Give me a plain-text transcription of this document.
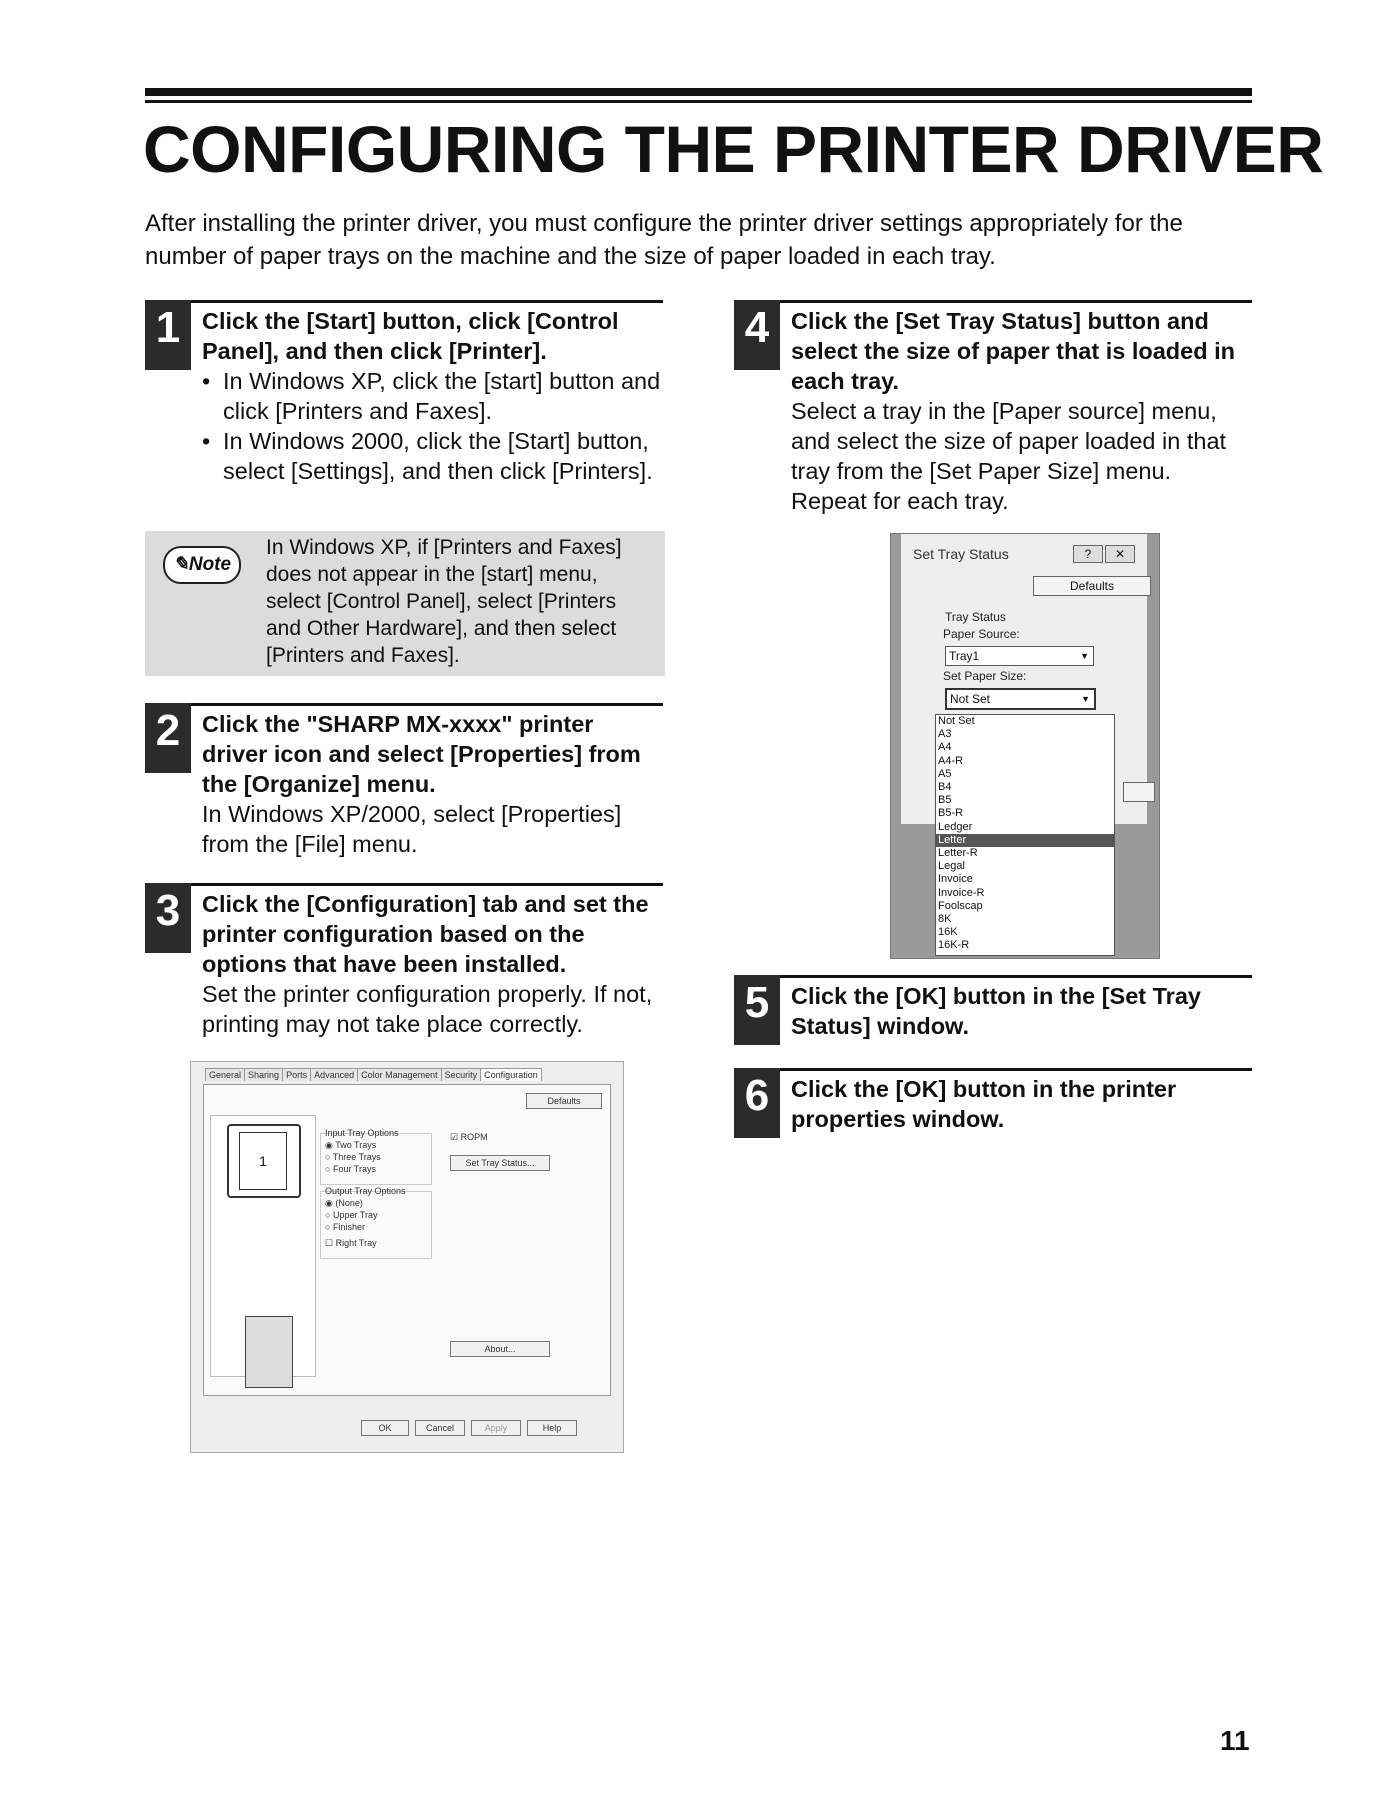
CONFIGURING THE PRINTER DRIVER

After installing the printer driver, you must configure the printer driver settings appropriately for the number of paper trays on the machine and the size of paper loaded in each tray.

1 Click the [Start] button, click [Control Panel], and then click [Printer].
• In Windows XP, click the [start] button and click [Printers and Faxes].
• In Windows 2000, click the [Start] button, select [Settings], and then click [Printers].
✎Note
In Windows XP, if [Printers and Faxes] does not appear in the [start] menu, select [Control Panel], select [Printers and Other Hardware], and then select [Printers and Faxes].
2 Click the "SHARP MX-xxxx" printer driver icon and select [Properties] from the [Organize] menu.
In Windows XP/2000, select [Properties] from the [File] menu.
3 Click the [Configuration] tab and set the printer configuration based on the options that have been installed.
Set the printer configuration properly. If not, printing may not take place correctly.
General Sharing Ports Advanced Color Management Security Configuration
Defaults
1
Input Tray Options
◉ Two Trays
○ Three Trays
○ Four Trays
☑ ROPM
Set Tray Status...
Output Tray Options
◉ (None)
○ Upper Tray
○ Finisher
☐ Right Tray
About...
OK	Cancel	Apply	Help
4 Click the [Set Tray Status] button and select the size of paper that is loaded in each tray.
Select a tray in the [Paper source] menu, and select the size of paper loaded in that tray from the [Set Paper Size] menu. Repeat for each tray.
Set Tray Status	? ✕
Defaults
Tray Status
Paper Source:
Tray1	▼
Set Paper Size:
Not Set	▼
Not Set
A3
A4
A4-R
A5
B4
B5
B5-R
Ledger
Letter
Letter-R
Legal
Invoice
Invoice-R
Foolscap
8K
16K
16K-R
5 Click the [OK] button in the [Set Tray Status] window.
6 Click the [OK] button in the printer properties window.
11
